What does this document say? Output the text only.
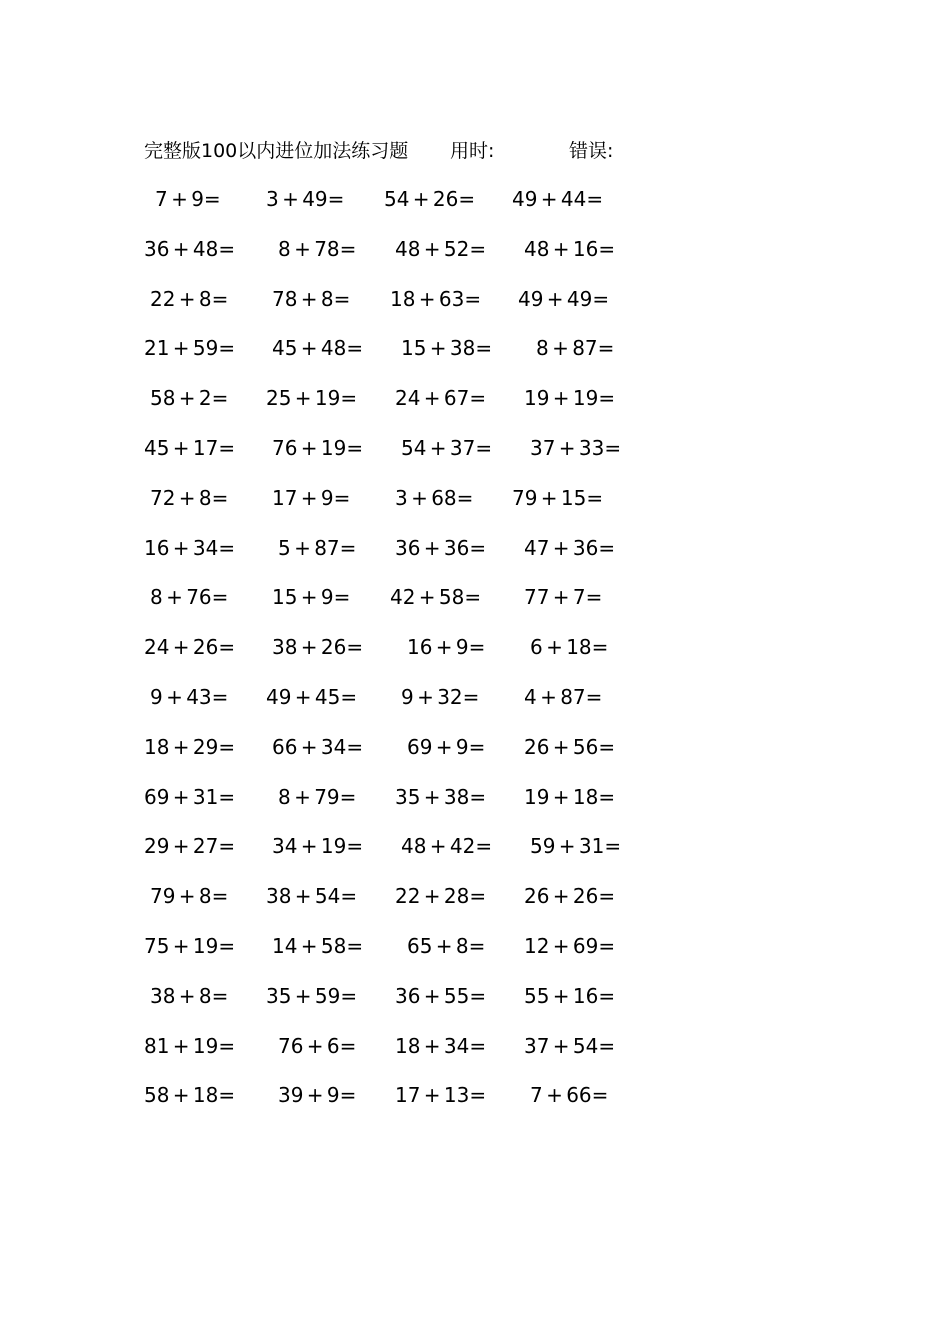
完整版100以内进位加法练习题 用时:	错误:
7 + 9= 3 + 49= 54 + 26= 49 + 44=
36 + 48= 8 + 78= 48 + 52= 48 + 16=
22 + 8= 78 + 8= 18 + 63= 49 + 49=
21 + 59= 45 + 48= 15 + 38= 8 + 87=
58 + 2= 25 + 19= 24 + 67= 19 + 19=
45 + 17= 76 + 19= 54 + 37= 37 + 33=
72 + 8= 17 + 9= 3 + 68= 79 + 15=
16 + 34= 5 + 87= 36 + 36= 47 + 36=
8 + 76= 15 + 9= 42 + 58= 77 + 7=
24 + 26= 38 + 26= 16 + 9= 6 + 18=
9 + 43= 49 + 45= 9 + 32= 4 + 87=
18 + 29= 66 + 34= 69 + 9= 26 + 56=
69 + 31= 8 + 79= 35 + 38= 19 + 18=
29 + 27= 34 + 19= 48 + 42= 59 + 31=
79 + 8= 38 + 54= 22 + 28= 26 + 26=
75 + 19= 14 + 58= 65 + 8= 12 + 69=
38 + 8= 35 + 59= 36 + 55= 55 + 16=
81 + 19= 76 + 6= 18 + 34= 37 + 54=
58 + 18= 39 + 9= 17 + 13= 7 + 66=
